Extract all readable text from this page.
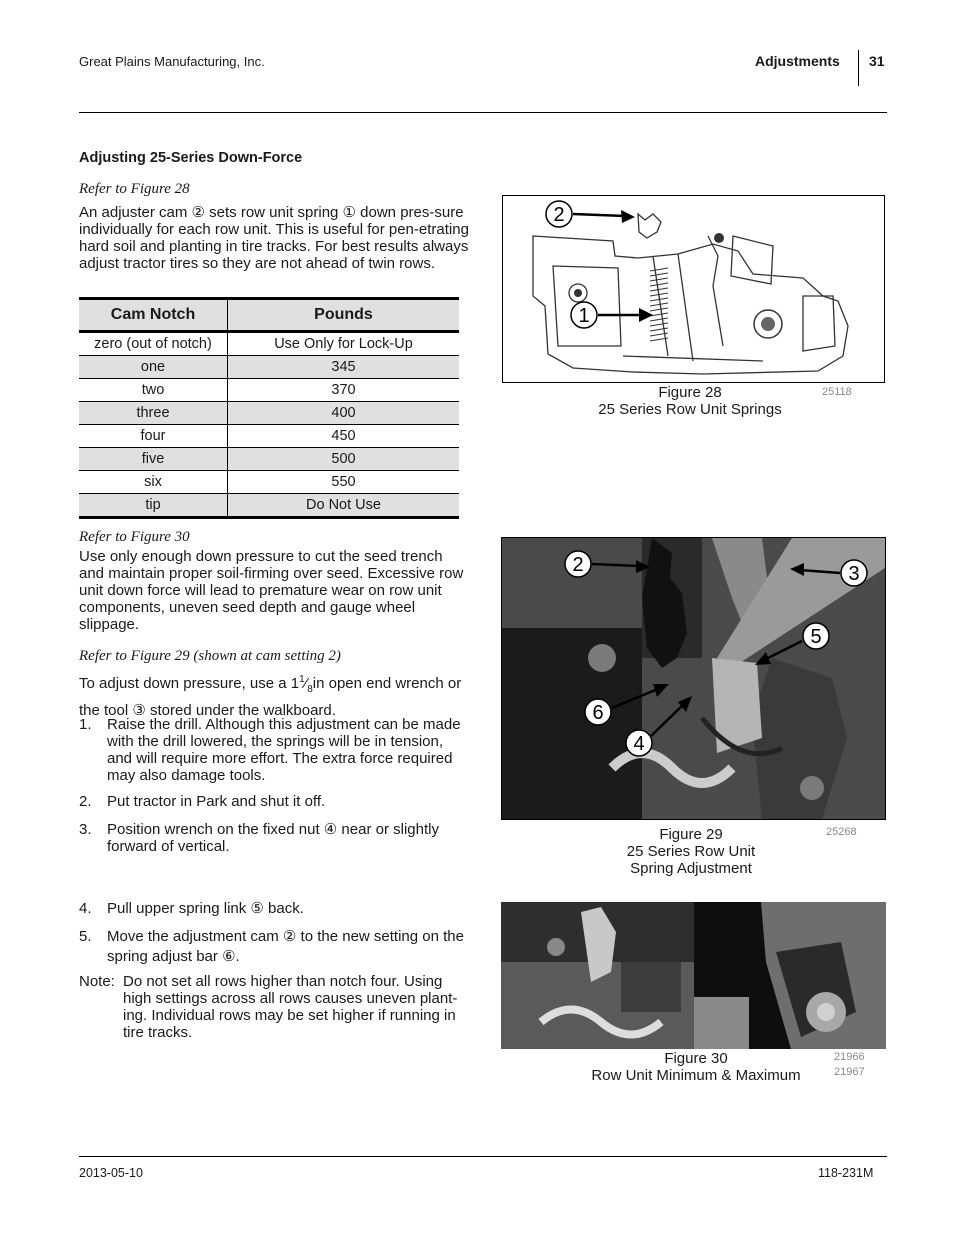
Great Plains Manufacturing, Inc.	Adjustments 31
Adjusting 25-Series Down-Force
Refer to Figure 28
An adjuster cam ② sets row unit spring ① down pres-sure individually for each row unit. This is useful for pen-etrating hard soil and planting in tire tracks. For best results always adjust tractor tires so they are not ahead of twin rows.
Cam Notch	Pounds
zero (out of notch)	Use Only for Lock-Up
one	345
two	370
three	400
four	450
five	500
six	550
tip	Do Not Use
Refer to Figure 30
Use only enough down pressure to cut the seed trench and maintain proper soil-firming over seed. Excessive row unit down force will lead to premature wear on row unit components, uneven seed depth and gauge wheel slippage.
Refer to Figure 29 (shown at cam setting 2)
To adjust down pressure, use a $1^1⁄_8in$ open end wrench or the tool ③ stored under the walkboard.
1. Raise the drill. Although this adjustment can be made with the drill lowered, the springs will be in tension, and will require more effort. The extra force required may also damage tools.
2. Put tractor in Park and shut it off.
3. Position wrench on the fixed nut ④ near or slightly forward of vertical.
4. Pull upper spring link ⑤ back.
5. Move the adjustment cam ② to the new setting on the spring adjust bar ⑥.
Note: Do not set all rows higher than notch four. Using high settings across all rows causes uneven plant-ing. Individual rows may be set higher if running in tire tracks.
2
1
Figure 28
25 Series Row Unit Springs
25118
2	3
5
6
4
Figure 29
25 Series Row Unit
Spring Adjustment
25268
Figure 30
Row Unit Minimum & Maximum
21966
21967
2013-05-10	118-231M
